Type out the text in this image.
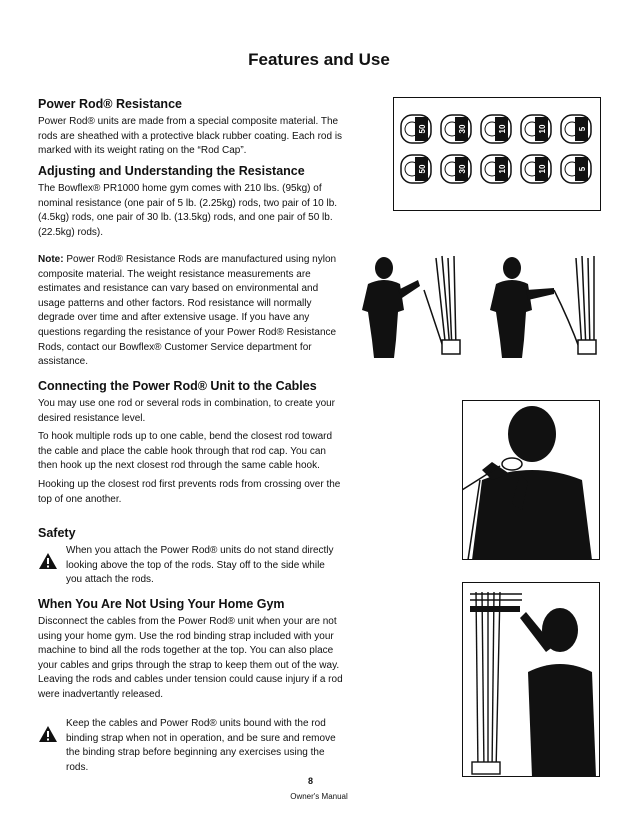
Features and Use
Power Rod® Resistance

Power Rod® units are made from a special composite material. The rods are sheathed with a protective black rubber coating. Each rod is marked with its weight rating on the “Rod Cap”.

Adjusting and Understanding the Resistance

The Bowflex® PR1000 home gym comes with 210 lbs. (95kg) of nominal resistance (one pair of 5 lb. (2.25kg) rods, two pair of 10 lb. (4.5kg) rods, one pair of 30 lb. (13.5kg) rods, and one pair of 50 lb. (22.5kg) rods).

Note: Power Rod® Resistance Rods are manufactured using nylon composite material. The weight resistance measurements are estimates and resistance can vary based on environmental and usage patterns and other factors. Rod resistance will normally degrade over time and after extensive usage. If you have any questions regarding the resistance of your Power Rod® Resistance Rods, contact our Bowflex® Customer Service department for assistance.

Connecting the Power Rod® Unit to the Cables

You may use one rod or several rods in combination, to create your desired resistance level.

To hook multiple rods up to one cable, bend the closest rod toward the cable and place the cable hook through that rod cap. You can then hook up the next closest rod through the same cable hook.

Hooking up the closest rod first prevents rods from crossing over the top of one another.

Safety

When you attach the Power Rod® units do not stand directly looking above the top of the rods. Stay off to the side while you attach the rods.

When You Are Not Using Your Home Gym

Disconnect the cables from the Power Rod® unit when your are not using your home gym. Use the rod binding strap included with your machine to bind all the rods together at the top. You can also place your cables and grips through the strap to keep them out of the way. Leaving the rods and cables under tension could cause injury if a rod were inadvertantly released.

Keep the cables and Power Rod® units bound with the rod binding strap when not in operation, and be sure and remove the binding strap before beginning any exercises using the rods.

50	30	10	10	5
50	30	10	10	5
8
Owner's Manual
